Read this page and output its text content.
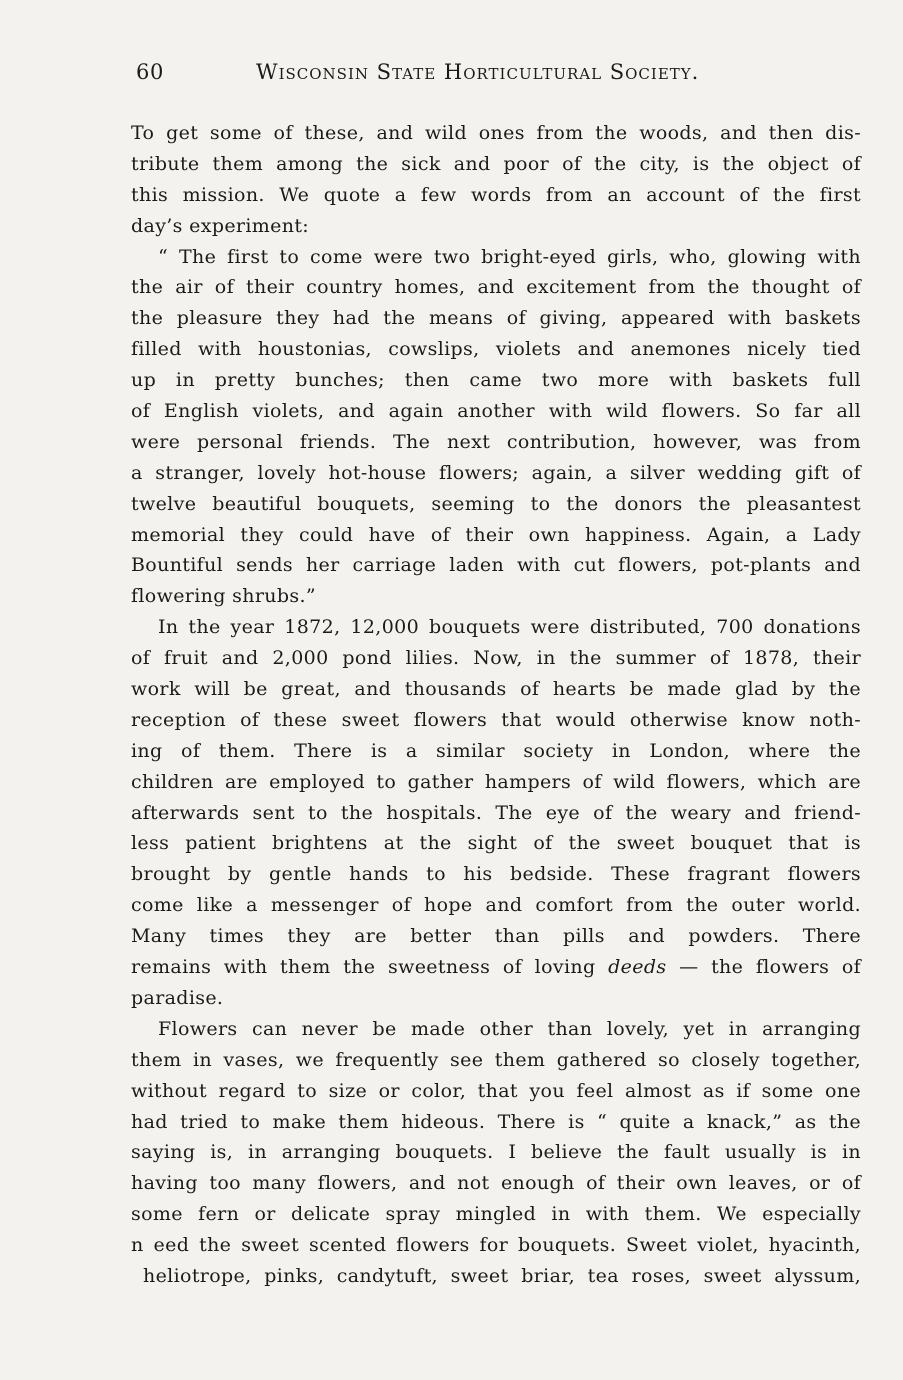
60	Wisconsin State Horticultural Society.
To get some of these, and wild ones from the woods, and then dis-
tribute them among the sick and poor of the city, is the object of
this mission. We quote a few words from an account of the first
day’s experiment:
“ The first to come were two bright-eyed girls, who, glowing with
the air of their country homes, and excitement from the thought of
the pleasure they had the means of giving, appeared with baskets
filled with houstonias, cowslips, violets and anemones nicely tied
up in pretty bunches; then came two more with baskets full
of English violets, and again another with wild flowers. So far all
were personal friends. The next contribution, however, was from
a stranger, lovely hot-house flowers; again, a silver wedding gift of
twelve beautiful bouquets, seeming to the donors the pleasantest
memorial they could have of their own happiness. Again, a Lady
Bountiful sends her carriage laden with cut flowers, pot-plants and
flowering shrubs.”
In the year 1872, 12,000 bouquets were distributed, 700 donations
of fruit and 2,000 pond lilies. Now, in the summer of 1878, their
work will be great, and thousands of hearts be made glad by the
reception of these sweet flowers that would otherwise know noth-
ing of them. There is a similar society in London, where the
children are employed to gather hampers of wild flowers, which are
afterwards sent to the hospitals. The eye of the weary and friend-
less patient brightens at the sight of the sweet bouquet that is
brought by gentle hands to his bedside. These fragrant flowers
come like a messenger of hope and comfort from the outer world.
Many times they are better than pills and powders. There
remains with them the sweetness of loving deeds — the flowers of
paradise.
Flowers can never be made other than lovely, yet in arranging
them in vases, we frequently see them gathered so closely together,
without regard to size or color, that you feel almost as if some one
had tried to make them hideous. There is “ quite a knack,” as the
saying is, in arranging bouquets. I believe the fault usually is in
having too many flowers, and not enough of their own leaves, or of
some fern or delicate spray mingled in with them. We especially
n eed the sweet scented flowers for bouquets. Sweet violet, hyacinth,
heliotrope, pinks, candytuft, sweet briar, tea roses, sweet alyssum,
